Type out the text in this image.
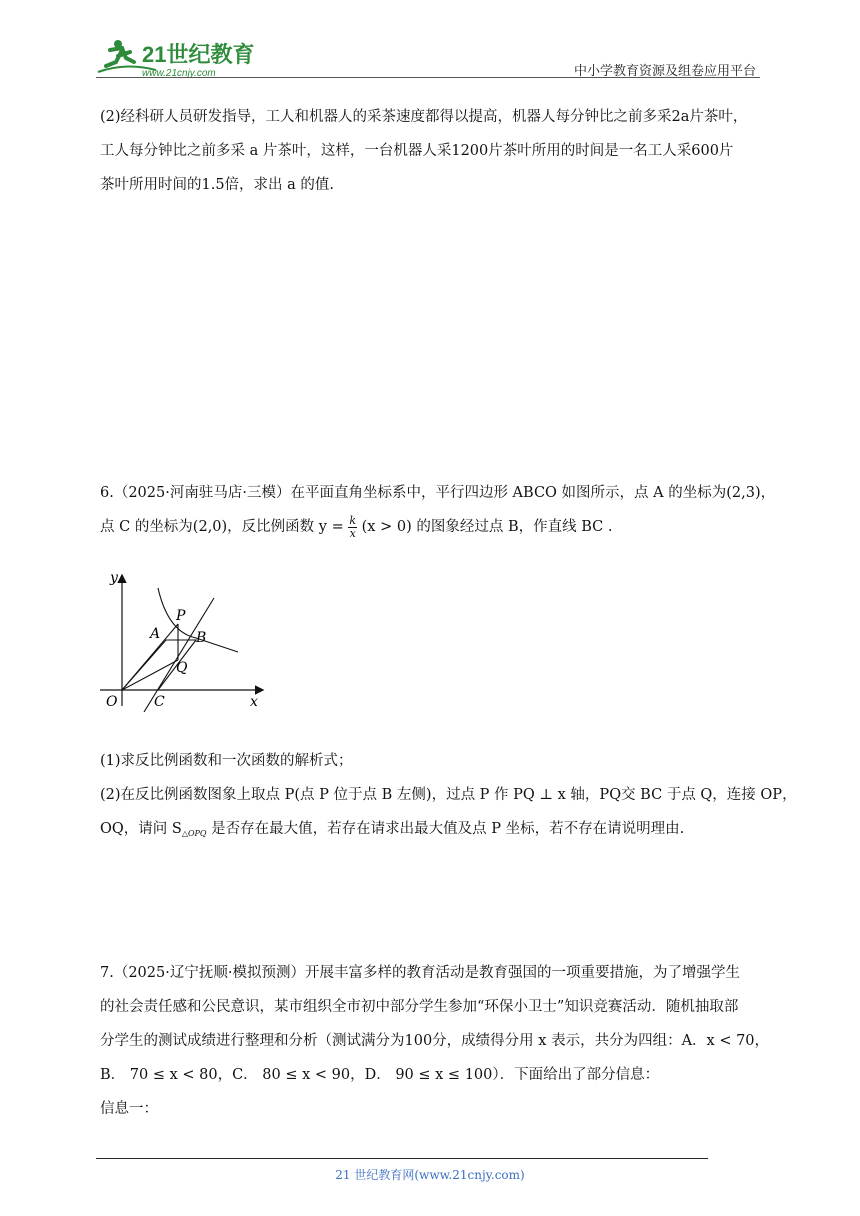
21世纪教育
www.21cnjy.com	中小学教育资源及组卷应用平台
(2)经科研人员研发指导，工人和机器人的采茶速度都得以提高，机器人每分钟比之前多采2a片茶叶，
工人每分钟比之前多采 a 片茶叶，这样，一台机器人采1200片茶叶所用的时间是一名工人采600片
茶叶所用时间的1.5倍，求出 a 的值.
6.（2025·河南驻马店·三模）在平面直角坐标系中，平行四边形 ABCO 如图所示，点 A 的坐标为(2,3)，
点 C 的坐标为(2,0)，反比例函数 $y = \frac{k}{x} (x > 0)$ 的图象经过点 B，作直线 BC .
y
x
O
A	B
C
P
Q
(1)求反比例函数和一次函数的解析式；
(2)在反比例函数图象上取点 P(点 P 位于点 B 左侧)，过点 P 作 PQ ⊥ x 轴，PQ交 BC 于点 Q，连接 OP，
OQ，请问 $S_{\triangle OPQ}$ 是否存在最大值，若存在请求出最大值及点 P 坐标，若不存在请说明理由.
7.（2025·辽宁抚顺·模拟预测）开展丰富多样的教育活动是教育强国的一项重要措施，为了增强学生
的社会责任感和公民意识，某市组织全市初中部分学生参加“环保小卫士”知识竞赛活动．随机抽取部
分学生的测试成绩进行整理和分析（测试满分为100分，成绩得分用 x 表示，共分为四组：A．x < 70，
B． 70 ≤ x < 80，C． 80 ≤ x < 90，D． 90 ≤ x ≤ 100）．下面给出了部分信息：
信息一：
21 世纪教育网(www.21cnjy.com)
